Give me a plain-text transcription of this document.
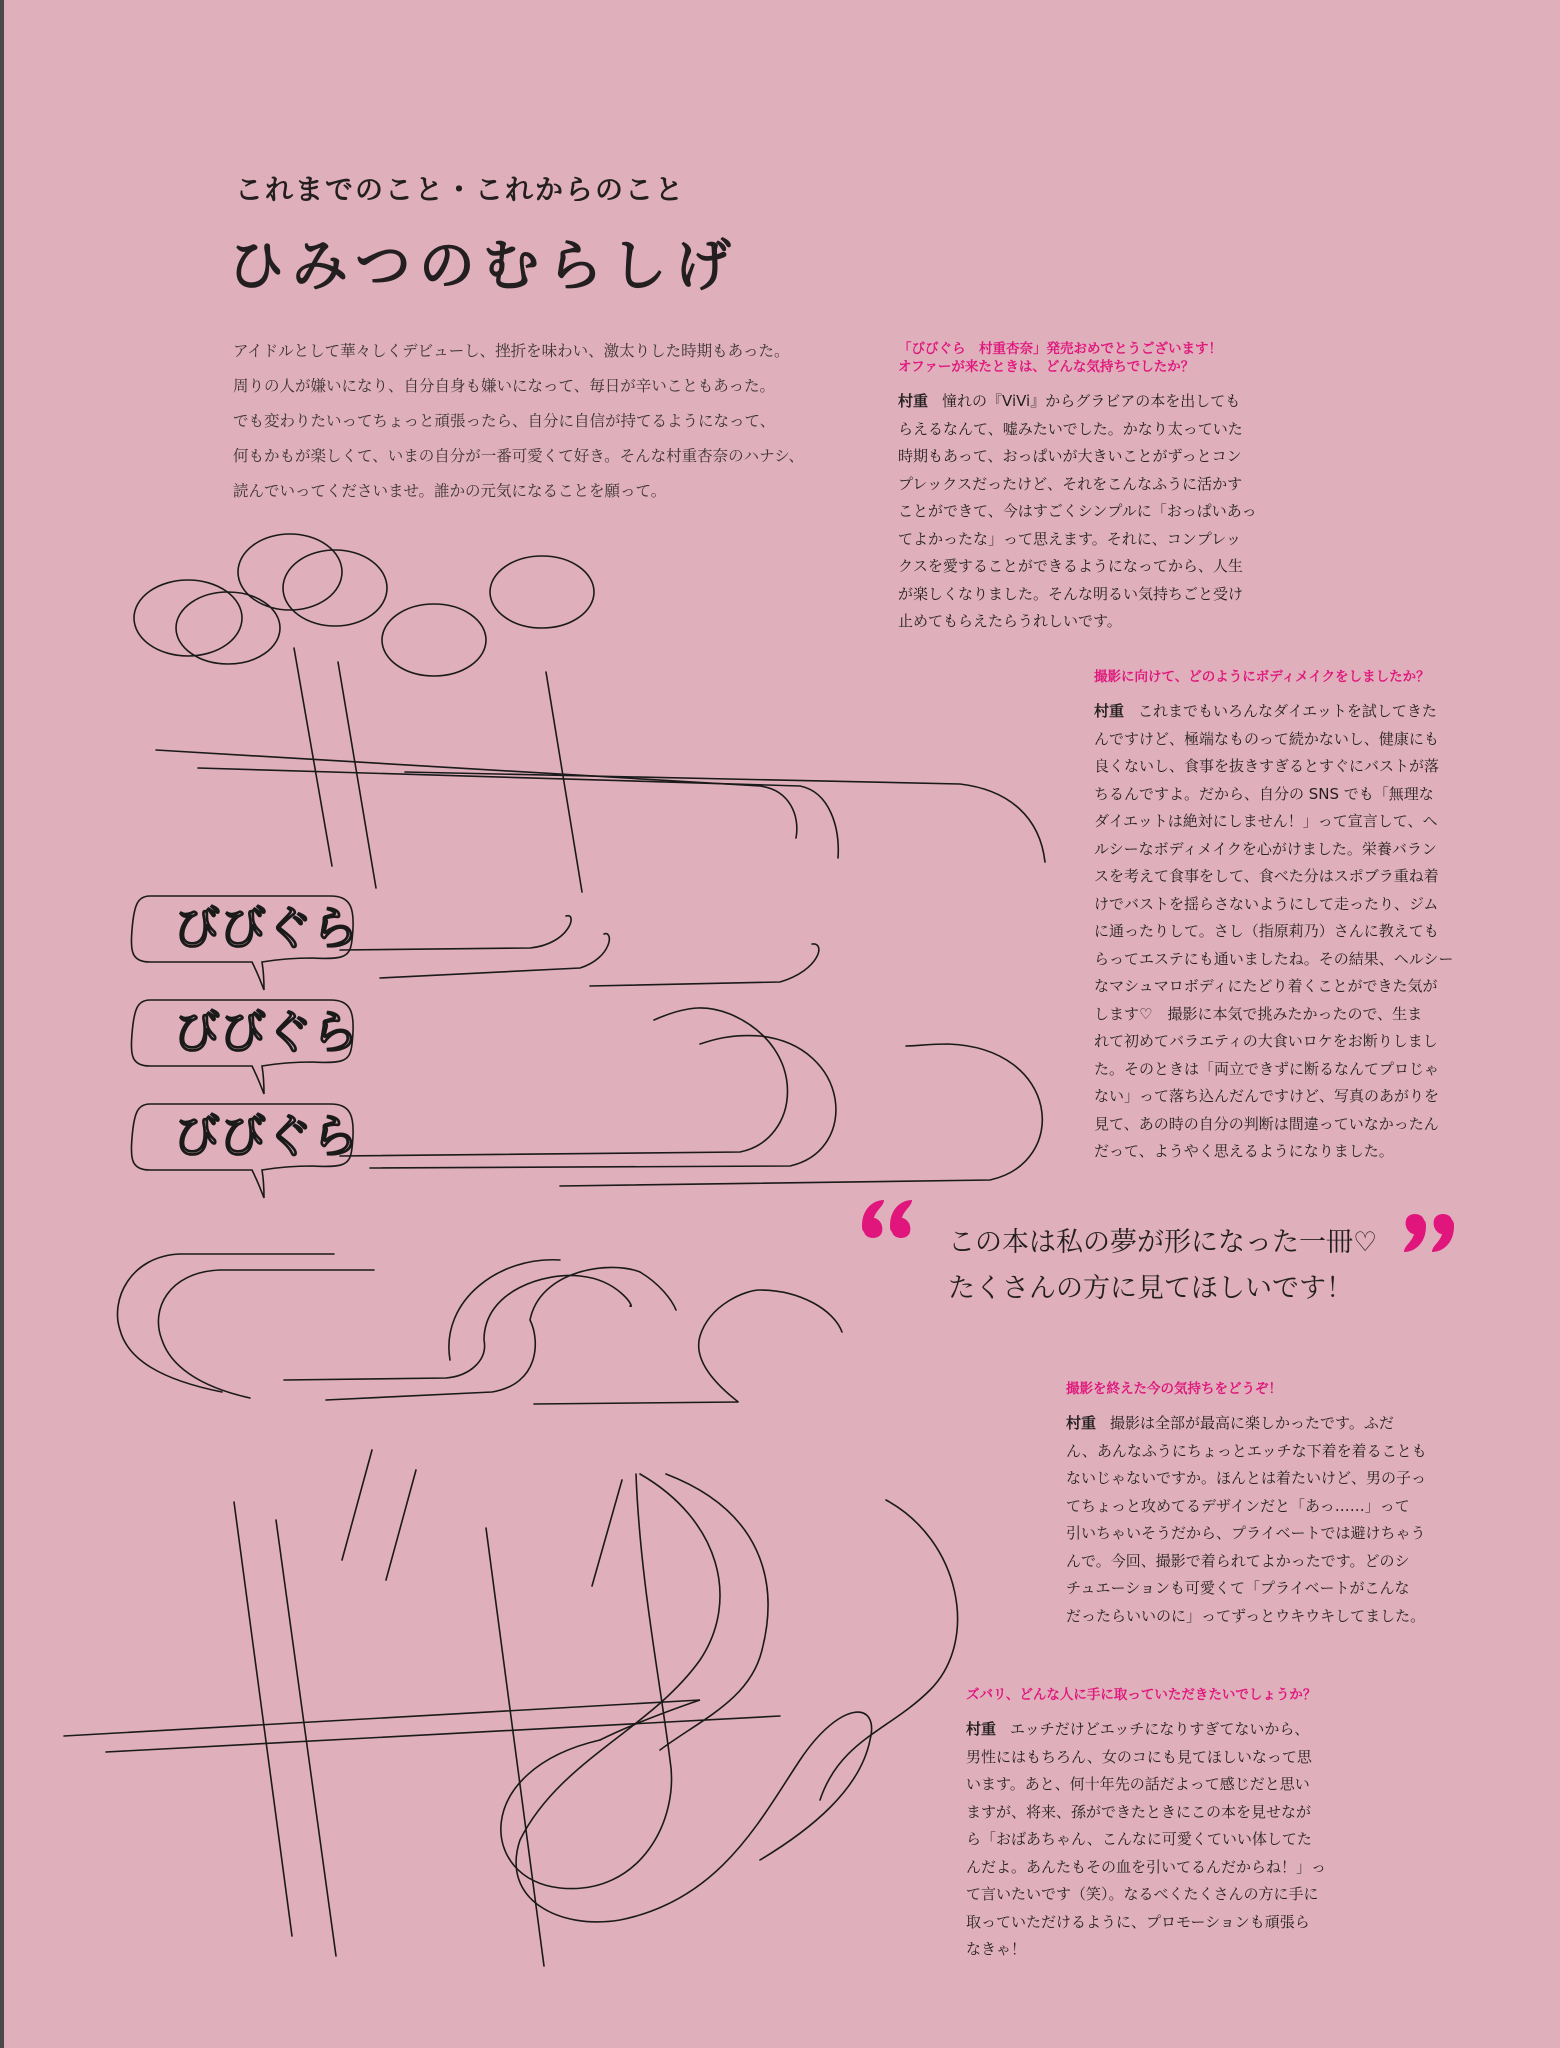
びびぐら
びびぐら
びびぐら
これまでのこと・これからのこと
ひみつのむらしげ

アイドルとして華々しくデビューし、挫折を味わい、激太りした時期もあった。
周りの人が嫌いになり、自分自身も嫌いになって、毎日が辛いこともあった。
でも変わりたいってちょっと頑張ったら、自分に自信が持てるようになって、
何もかもが楽しくて、いまの自分が一番可愛くて好き。そんな村重杏奈のハナシ、
読んでいってくださいませ。誰かの元気になることを願って。

「びびぐら　村重杏奈」発売おめでとうございます！
オファーが来たときは、どんな気持ちでしたか？

村重 憧れの『ViVi』からグラビアの本を出しても
らえるなんて、嘘みたいでした。かなり太っていた
時期もあって、おっぱいが大きいことがずっとコン
プレックスだったけど、それをこんなふうに活かす
ことができて、今はすごくシンプルに「おっぱいあっ
てよかったな」って思えます。それに、コンプレッ
クスを愛することができるようになってから、人生
が楽しくなりました。そんな明るい気持ちごと受け
止めてもらえたらうれしいです。

撮影に向けて、どのようにボディメイクをしましたか？

村重 これまでもいろんなダイエットを試してきた
んですけど、極端なものって続かないし、健康にも
良くないし、食事を抜きすぎるとすぐにバストが落
ちるんですよ。だから、自分の SNS でも「無理な
ダイエットは絶対にしません！」って宣言して、ヘ
ルシーなボディメイクを心がけました。栄養バラン
スを考えて食事をして、食べた分はスポブラ重ね着
けでバストを揺らさないようにして走ったり、ジム
に通ったりして。さし（指原莉乃）さんに教えても
らってエステにも通いましたね。その結果、ヘルシー
なマシュマロボディにたどり着くことができた気が
します♡　撮影に本気で挑みたかったので、生ま
れて初めてバラエティの大食いロケをお断りしまし
た。そのときは「両立できずに断るなんてプロじゃ
ない」って落ち込んだんですけど、写真のあがりを
見て、あの時の自分の判断は間違っていなかったん
だって、ようやく思えるようになりました。

この本は私の夢が形になった一冊♡
たくさんの方に見てほしいです！

撮影を終えた今の気持ちをどうぞ！

村重 撮影は全部が最高に楽しかったです。ふだ
ん、あんなふうにちょっとエッチな下着を着ることも
ないじゃないですか。ほんとは着たいけど、男の子っ
てちょっと攻めてるデザインだと「あっ……」って
引いちゃいそうだから、プライベートでは避けちゃう
んで。今回、撮影で着られてよかったです。どのシ
チュエーションも可愛くて「プライベートがこんな
だったらいいのに」ってずっとウキウキしてました。

ズバリ、どんな人に手に取っていただきたいでしょうか？

村重 エッチだけどエッチになりすぎてないから、
男性にはもちろん、女のコにも見てほしいなって思
います。あと、何十年先の話だよって感じだと思い
ますが、将来、孫ができたときにこの本を見せなが
ら「おばあちゃん、こんなに可愛くていい体してた
んだよ。あんたもその血を引いてるんだからね！」っ
て言いたいです（笑）。なるべくたくさんの方に手に
取っていただけるように、プロモーションも頑張ら
なきゃ！
